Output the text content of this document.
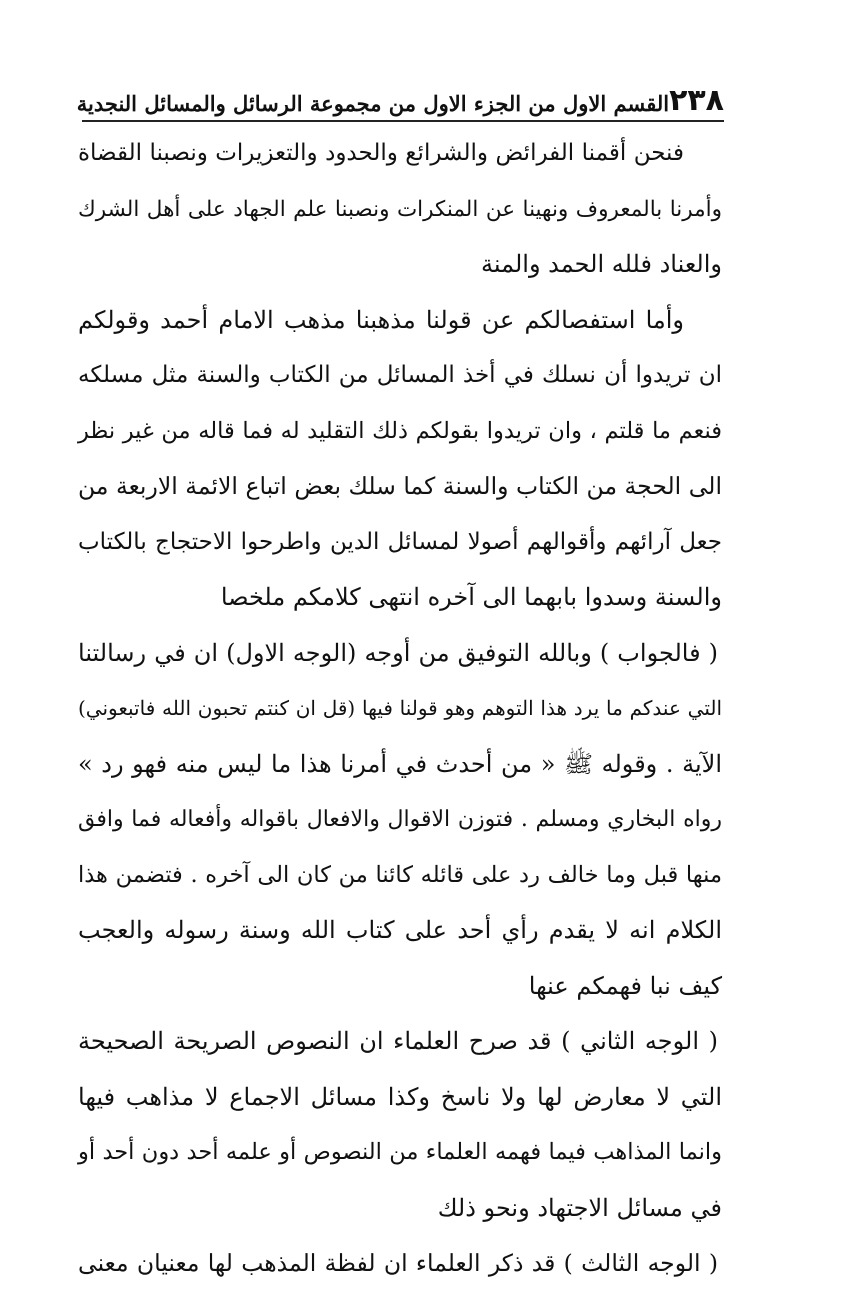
٢٣٨
القسم الاول من الجزء الاول من مجموعة الرسائل والمسائل النجدية
فنحن أقمنا الفرائض والشرائع والحدود والتعزيرات ونصبنا القضاة
وأمرنا بالمعروف ونهينا عن المنكرات ونصبنا علم الجهاد على أهل الشرك
والعناد فلله الحمد والمنة
وأما استفصالكم عن قولنا مذهبنا مذهب الامام أحمد وقولكم
ان تريدوا أن نسلك في أخذ المسائل من الكتاب والسنة مثل مسلكه
فنعم ما قلتم ، وان تريدوا بقولكم ذلك التقليد له فما قاله من غير نظر
الى الحجة من الكتاب والسنة كما سلك بعض اتباع الائمة الاربعة من
جعل آرائهم وأقوالهم أصولا لمسائل الدين واطرحوا الاحتجاج بالكتاب
والسنة وسدوا بابهما الى آخره انتهى كلامكم ملخصا
( فالجواب ) وبالله التوفيق من أوجه (الوجه الاول) ان في رسالتنا
التي عندكم ما يرد هذا التوهم وهو قولنا فيها (قل ان كنتم تحبون الله فاتبعوني)
الآية . وقوله ﷺ « من أحدث في أمرنا هذا ما ليس منه فهو رد »
رواه البخاري ومسلم . فتوزن الاقوال والافعال باقواله وأفعاله فما وافق
منها قبل وما خالف رد على قائله كائنا من كان الى آخره . فتضمن هذا
الكلام انه لا يقدم رأي أحد على كتاب الله وسنة رسوله والعجب
كيف نبا فهمكم عنها
( الوجه الثاني ) قد صرح العلماء ان النصوص الصريحة الصحيحة
التي لا معارض لها ولا ناسخ وكذا مسائل الاجماع لا مذاهب فيها
وانما المذاهب فيما فهمه العلماء من النصوص أو علمه أحد دون أحد أو
في مسائل الاجتهاد ونحو ذلك
( الوجه الثالث ) قد ذكر العلماء ان لفظة المذهب لها معنيان معنى
